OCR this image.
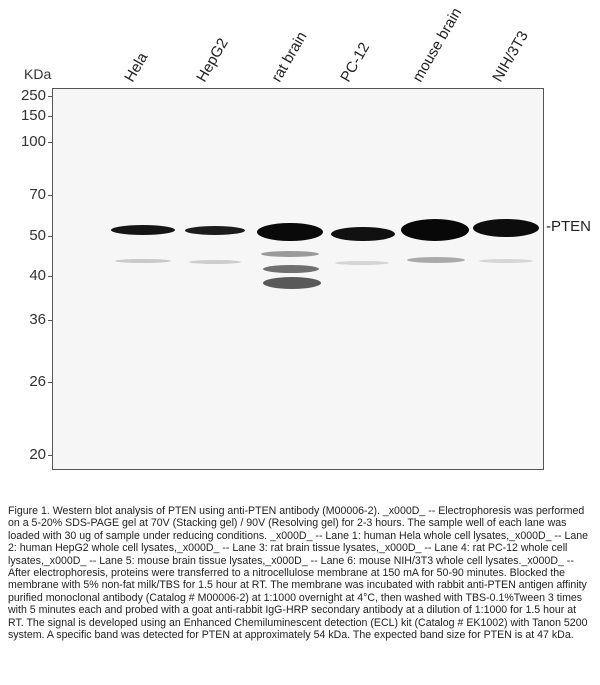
KDa	Hela	HepG2 rat brain PC-12 mouse brain NIH/3T3
250
150
100
70
50
40
36
26
20
-PTEN
Figure 1. Western blot analysis of PTEN using anti-PTEN antibody (M00006-2). _x000D_ -- Electrophoresis was performed on a 5-20% SDS-PAGE gel at 70V (Stacking gel) / 90V (Resolving gel) for 2-3 hours. The sample well of each lane was loaded with 30 ug of sample under reducing conditions. _x000D_ -- Lane 1: human Hela whole cell lysates,_x000D_ -- Lane 2: human HepG2 whole cell lysates,_x000D_ -- Lane 3: rat brain tissue lysates,_x000D_ -- Lane 4: rat PC-12 whole cell lysates,_x000D_ -- Lane 5: mouse brain tissue lysates,_x000D_ -- Lane 6: mouse NIH/3T3 whole cell lysates._x000D_ -- After electrophoresis, proteins were transferred to a nitrocellulose membrane at 150 mA for 50-90 minutes. Blocked the membrane with 5% non-fat milk/TBS for 1.5 hour at RT. The membrane was incubated with rabbit anti-PTEN antigen affinity purified monoclonal antibody (Catalog # M00006-2) at 1:1000 overnight at 4°C, then washed with TBS-0.1%Tween 3 times with 5 minutes each and probed with a goat anti-rabbit IgG-HRP secondary antibody at a dilution of 1:1000 for 1.5 hour at RT. The signal is developed using an Enhanced Chemiluminescent detection (ECL) kit (Catalog # EK1002) with Tanon 5200 system. A specific band was detected for PTEN at approximately 54 kDa. The expected band size for PTEN is at 47 kDa.
